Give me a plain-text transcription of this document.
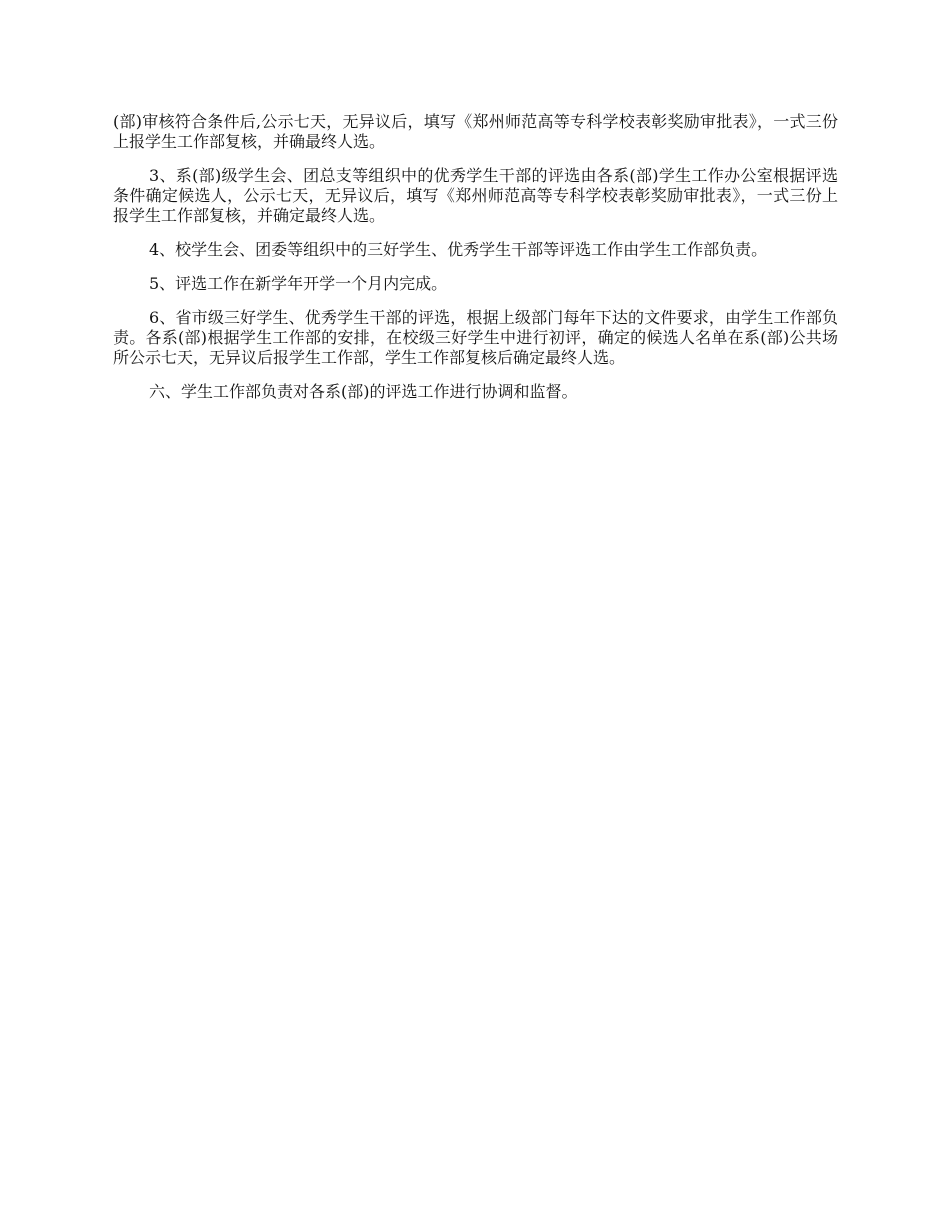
(部)审核符合条件后,公示七天，无异议后，填写《郑州师范高等专科学校表彰奖励审批表》，一式三份上报学生工作部复核，并确最终人选。

3、系(部)级学生会、团总支等组织中的优秀学生干部的评选由各系(部)学生工作办公室根据评选条件确定候选人，公示七天，无异议后，填写《郑州师范高等专科学校表彰奖励审批表》，一式三份上报学生工作部复核，并确定最终人选。

4、校学生会、团委等组织中的三好学生、优秀学生干部等评选工作由学生工作部负责。

5、评选工作在新学年开学一个月内完成。

6、省市级三好学生、优秀学生干部的评选，根据上级部门每年下达的文件要求，由学生工作部负责。各系(部)根据学生工作部的安排，在校级三好学生中进行初评，确定的候选人名单在系(部)公共场所公示七天，无异议后报学生工作部，学生工作部复核后确定最终人选。

六、学生工作部负责对各系(部)的评选工作进行协调和监督。
